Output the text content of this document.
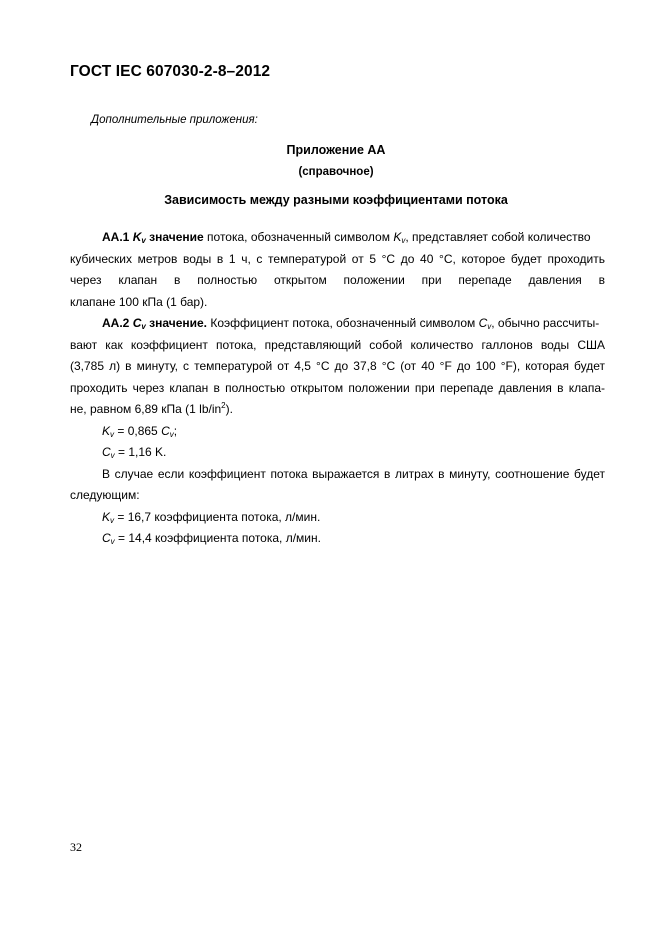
ГОСТ IEC 607030-2-8–2012
Дополнительные приложения:
Приложение АА
(справочное)
Зависимость между разными коэффициентами потока

АА.1 $K_v$ значение потока, обозначенный символом $K_v$, представляет собой количество

кубических метров воды в 1 ч, с температурой от 5 °С до 40 °С, которое будет проходить

через клапан в полностью открытом положении при перепаде давления в

клапане 100 кПа (1 бар).

АА.2 $C_v$ значение. Коэффициент потока, обозначенный символом $C_v$, обычно рассчиты-

вают как коэффициент потока, представляющий собой количество галлонов воды США

(3,785 л) в минуту, с температурой от 4,5 °С до 37,8 °С (от 40 °F до 100 °F), которая будет

проходить через клапан в полностью открытом положении при перепаде давления в клапа-

не, равном 6,89 кПа (1 $lb/in^2$).

$K_v = 0,865$ $C_v$;

$C_v = 1,16$ K.

В случае если коэффициент потока выражается в литрах в минуту, соотношение будет

следующим:

$K_v = 16,7$ коэффициента потока, л/мин.

$C_v = 14,4$ коэффициента потока, л/мин.

32
